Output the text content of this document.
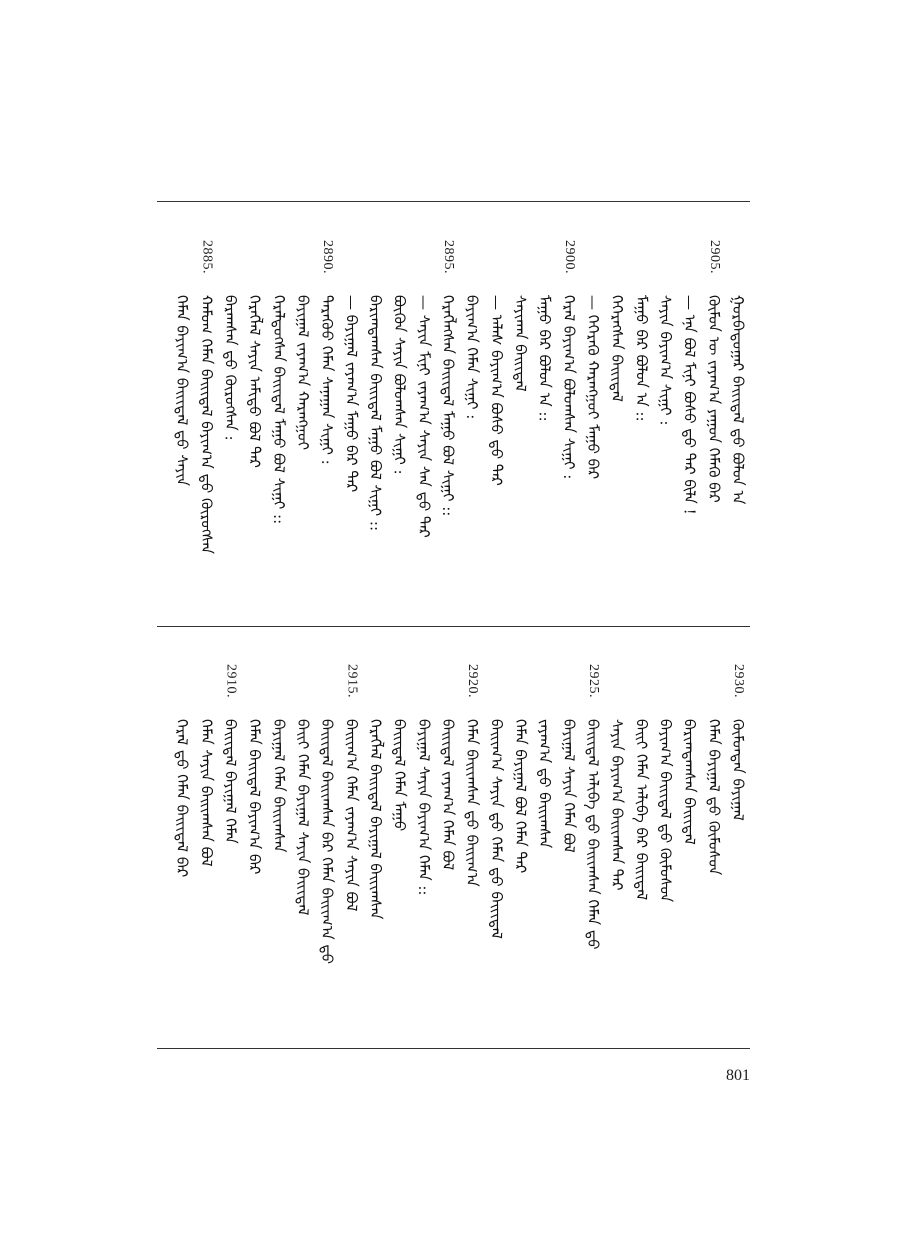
ᠭᠤᠷᠪᠠᠳᠤᠭᠠᠷ ᠪᠠᠢᠢᠳᠠᠯ ᠳ᠋ᠤ ᠪᠤᠯᠤᠨ ᠠ
2905.
ᠬᠦᠮᠦᠨ ᠦ ᠵᠠᠶᠠᠭ᠎ᠠ ᠶᠠᠭᠤᠨ ᠬᠡᠮᠡᠬᠦ ᠪᠡᠷ
— ᠡᠨᠡ ᠪᠣᠯ ᠮᠢᠨᠢ ᠪᠤᠰᠤ ᠳ᠋ᠤ ᠲᠡᠷ ᠪᠢᠯᠡ !
ᠰᠠᠶᠢᠨ ᠪᠠᠶᠢᠭ᠎ᠠ ᠰᠢᠭ᠋ᠢ :
ᠮᠠᠭᠤ ᠪᠡᠷ ᠪᠤᠯᠤᠨ ᠠ ::
ᠭᠡᠭᠡᠷᠡᠭᠰᠡᠨ ᠪᠠᠢᠢᠳᠠᠯ
— ᠭᠡᠭᠡᠷᠡᠭᠦ ᠬᠠᠷᠠᠩᠭᠤᠢ ᠮᠠᠭᠤ ᠪᠡᠷ
2900.
ᠭᠡᠷᠡᠯ ᠪᠠᠶᠢᠭ᠎ᠠ ᠪᠣᠯᠤᠭᠰᠠᠨ ᠰᠢᠭ᠋ᠢ :
ᠮᠠᠭᠤ ᠪᠡᠷ ᠪᠤᠯᠤᠨ ᠠ ::
ᠰᠠᠶᠢᠬᠠᠨ ᠪᠠᠢᠢᠳᠠᠯ
— ᠠᠯᠠᠰ ᠪᠠᠶᠢᠭ᠎ᠠ ᠪᠤᠰᠤ ᠳ᠋ᠤ ᠲᠡᠷ
ᠪᠠᠶᠢᠭ᠎ᠠ ᠬᠡᠮᠡᠨ ᠰᠢᠭ᠋ᠢ :
2895.
ᠬᠡᠷᠡᠭᠯᠡᠭᠰᠡᠨ ᠪᠠᠢᠢᠳᠠᠯ ᠮᠠᠭᠤ ᠪᠣᠯ ᠰᠢᠭ᠋ᠢ ::
— ᠰᠠᠶᠢᠨ ᠮᠢᠨᠢ ᠵᠠᠶᠠᠭ᠎ᠠ ᠰᠠᠶᠢᠨ ᠰᠠᠨ ᠳ᠋ᠤ ᠲᠡᠷ
ᠪᠦᠬᠦᠨ ᠰᠠᠶᠢᠨ ᠪᠣᠯᠤᠭᠰᠠᠨ ᠰᠢᠭ᠋ᠢ :
ᠪᠠᠷᠢᠭᠳᠠᠭᠰᠠᠨ ᠪᠠᠢᠢᠳᠠᠯ ᠮᠠᠭᠤ ᠪᠣᠯ ᠰᠢᠭ᠋ᠢ ::
— ᠪᠠᠶᠢᠭᠠᠯ ᠵᠠᠶᠠᠭ᠎ᠠ ᠮᠠᠭᠤ ᠪᠡᠷ ᠲᠡᠷ
2890.
ᠲᠡᠷᠡᠭᠦᠦ ᠬᠡᠮᠡᠨ ᠰᠠᠨᠠᠭᠠᠨ ᠰᠢᠭ᠋ᠢ :
ᠪᠠᠶᠢᠭᠠᠯ ᠵᠠᠶᠠᠭ᠎ᠠ ᠬᠠᠷᠠᠩᠭᠤᠢ
ᠭᠡᠷᠡᠯᠲᠦᠭᠰᠡᠨ ᠪᠠᠢᠢᠳᠠᠯ ᠮᠠᠭᠤ ᠪᠣᠯ ᠰᠢᠭ᠋ᠢ ::
ᠬᠡᠷᠡᠭᠯᠡᠯ ᠰᠠᠶᠢᠨ ᠠᠮᠢᠳᠤ ᠪᠣᠯ ᠲᠡᠷ
ᠪᠠᠷᠠᠭᠰᠠᠨ ᠳ᠋ᠤ ᠬᠦᠷᠦᠭᠰᠡᠨ :
2885.
ᠬᠠᠮᠤᠭ ᠬᠡᠮᠡᠨ ᠪᠠᠢᠢᠳᠠᠯ ᠪᠠᠶᠢᠭ᠎ᠠ ᠳ᠋ᠤ ᠬᠦᠷᠦᠭᠰᠡᠨ
ᠬᠡᠮᠡᠨ ᠪᠠᠶᠢᠭ᠎ᠠ ᠪᠠᠢᠢᠳᠠᠯ ᠳ᠋ᠤ ᠰᠠᠶᠢᠨ
2930.
ᠬᠦᠮᠦᠨᠲᠡᠨ ᠪᠠᠶᠢᠭᠠᠯ
ᠬᠡᠮᠡᠨ ᠪᠠᠶᠢᠭᠠᠯ ᠳ᠋ᠤ ᠬᠦᠮᠦᠰᠦᠨ
ᠪᠠᠷᠢᠭᠳᠠᠭᠰᠠᠨ ᠪᠠᠢᠢᠳᠠᠯ
ᠪᠠᠶᠢᠭ᠎ᠠ ᠪᠠᠢᠢᠳᠠᠯ ᠳ᠋ᠤ ᠬᠦᠮᠦᠰᠦᠨ
ᠪᠠᠢᠢ ᠬᠡᠮᠡᠨ ᠠᠯᠢᠪᠠ ᠪᠡᠷ ᠪᠠᠢᠢᠳᠠᠯ
ᠰᠠᠶᠢᠨ ᠪᠠᠶᠢᠭ᠎ᠠ ᠪᠠᠢᠢᠭᠰᠠᠨ ᠲᠡᠷ
2925.
ᠪᠠᠢᠢᠳᠠᠯ ᠠᠯᠢᠪᠠ ᠳ᠋ᠤ ᠪᠠᠢᠢᠭᠰᠠᠨ ᠬᠡᠮᠡᠨ ᠳ᠋ᠤ
ᠪᠠᠶᠢᠭᠠᠯ ᠰᠠᠶᠢᠨ ᠬᠡᠮᠡᠨ ᠪᠣᠯ
ᠵᠠᠶᠠᠭ᠎ᠠ ᠳ᠋ᠤ ᠪᠠᠢᠢᠭᠰᠠᠨ
ᠬᠡᠮᠡᠨ ᠪᠠᠶᠢᠭᠠᠯ ᠪᠣᠯ ᠬᠡᠮᠡᠨ ᠲᠡᠷ
ᠪᠠᠢᠢᠭ᠎ᠠ ᠰᠠᠶᠢᠨ ᠳ᠋ᠤ ᠬᠡᠮᠡᠨ ᠳ᠋ᠤ ᠪᠠᠢᠢᠳᠠᠯ
2920.
ᠬᠡᠮᠡᠨ ᠪᠠᠢᠢᠭᠰᠠᠨ ᠳ᠋ᠤ ᠪᠠᠢᠢᠭ᠎ᠠ
ᠪᠠᠢᠢᠳᠠᠯ ᠵᠠᠶᠠᠭ᠎ᠠ ᠬᠡᠮᠡᠨ ᠪᠣᠯ
ᠪᠠᠶᠢᠭᠠᠯ ᠰᠠᠶᠢᠨ ᠪᠠᠶᠢᠭ᠎ᠠ ᠬᠡᠮᠡᠨ ::
ᠪᠠᠢᠢᠳᠠᠯ ᠬᠡᠮᠡᠨ ᠮᠠᠭᠤ
ᠬᠡᠷᠡᠭᠯᠡᠯ ᠪᠠᠢᠢᠳᠠᠯ ᠪᠠᠶᠢᠭᠠᠯ ᠪᠠᠢᠢᠭᠰᠠᠨ
2915.
ᠪᠠᠢᠢᠭ᠎ᠠ ᠬᠡᠮᠡᠨ ᠵᠠᠶᠠᠭ᠎ᠠ ᠰᠠᠶᠢᠨ ᠪᠣᠯ
ᠪᠠᠢᠢᠳᠠᠯ ᠪᠠᠢᠢᠭᠰᠠᠨ ᠪᠡᠷ ᠬᠡᠮᠡᠨ ᠪᠠᠢᠢᠭ᠎ᠠ ᠳ᠋ᠤ
ᠪᠠᠢᠢ ᠬᠡᠮᠡᠨ ᠪᠠᠶᠢᠭᠠᠯ ᠰᠠᠶᠢᠨ ᠪᠠᠢᠢᠳᠠᠯ
ᠪᠠᠶᠢᠭᠠᠯ ᠬᠡᠮᠡᠨ ᠪᠠᠢᠢᠭᠰᠠᠨ
ᠬᠡᠮᠡᠨ ᠪᠠᠢᠢᠳᠠᠯ ᠪᠠᠶᠢᠭ᠎ᠠ ᠪᠡᠷ
2910.
ᠪᠠᠢᠢᠳᠠᠯ ᠪᠠᠶᠢᠭᠠᠯ ᠬᠡᠮᠡᠨ
ᠬᠡᠮᠡᠨ ᠰᠠᠶᠢᠨ ᠪᠠᠢᠢᠭᠰᠠᠨ ᠪᠣᠯ
ᠭᠡᠷᠡᠯ ᠳ᠋ᠤ ᠬᠡᠮᠡᠨ ᠪᠠᠢᠢᠳᠠᠯ ᠪᠡᠷ
801
